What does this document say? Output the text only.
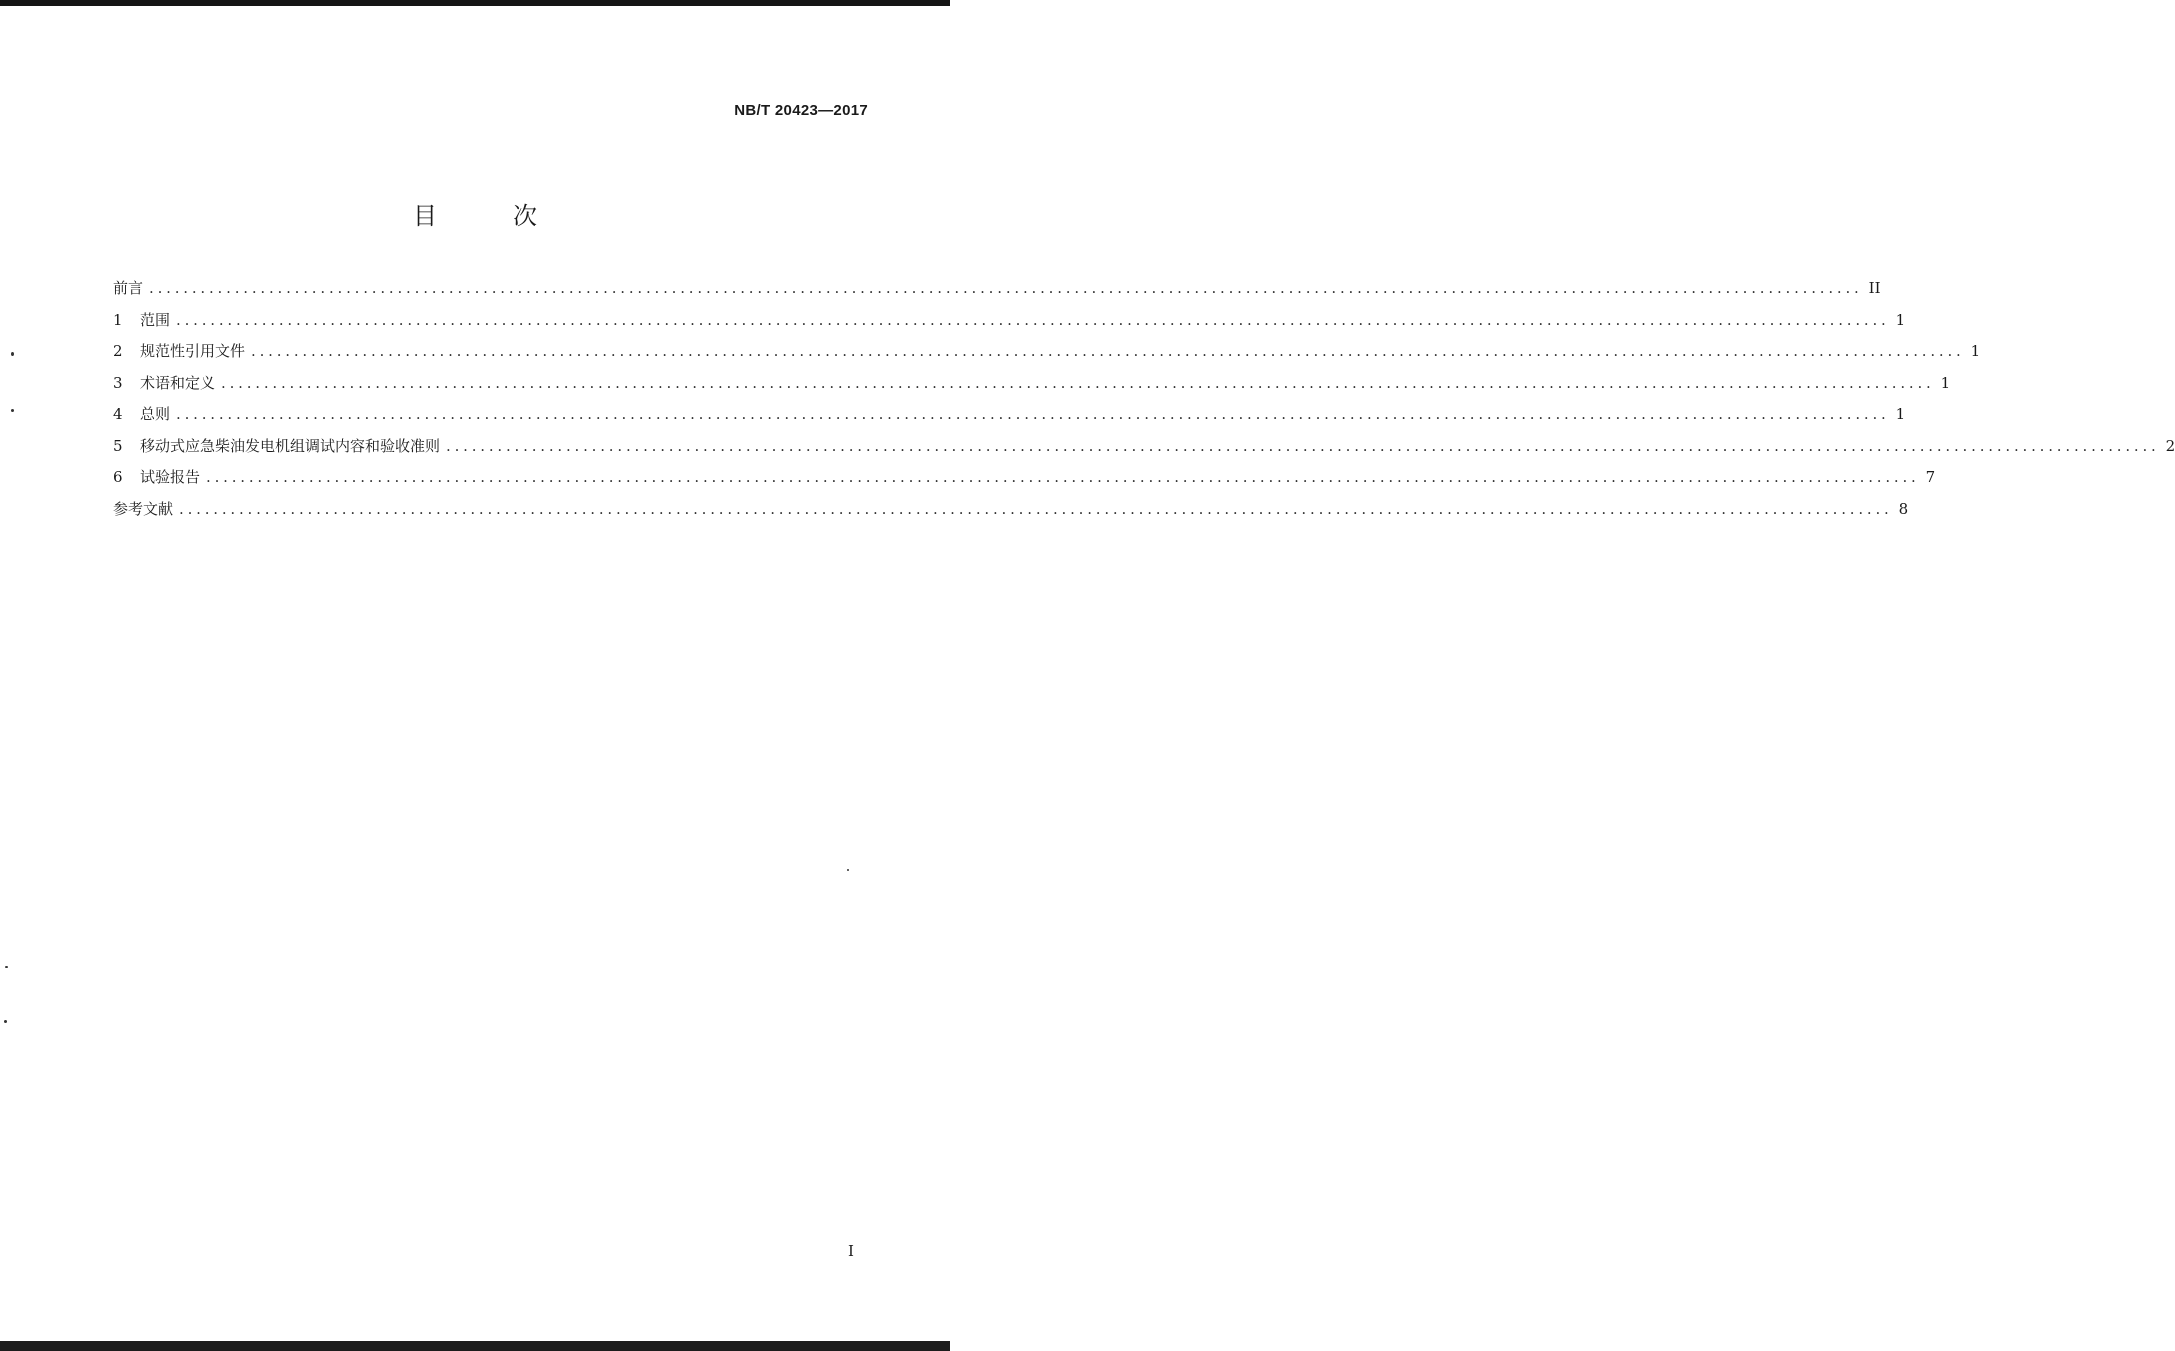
NB/T 20423—2017
目　次
前言 ........................................................................................................................................................................................................ II
1	范围 ........................................................................................................................................................................................................ 1
2	规范性引用文件 ........................................................................................................................................................................................................ 1
3	术语和定义 ........................................................................................................................................................................................................ 1
4	总则 ........................................................................................................................................................................................................ 1
5	移动式应急柴油发电机组调试内容和验收准则 ........................................................................................................................................................................................................ 2
6	试验报告 ........................................................................................................................................................................................................ 7
参考文献 ........................................................................................................................................................................................................ 8
I
